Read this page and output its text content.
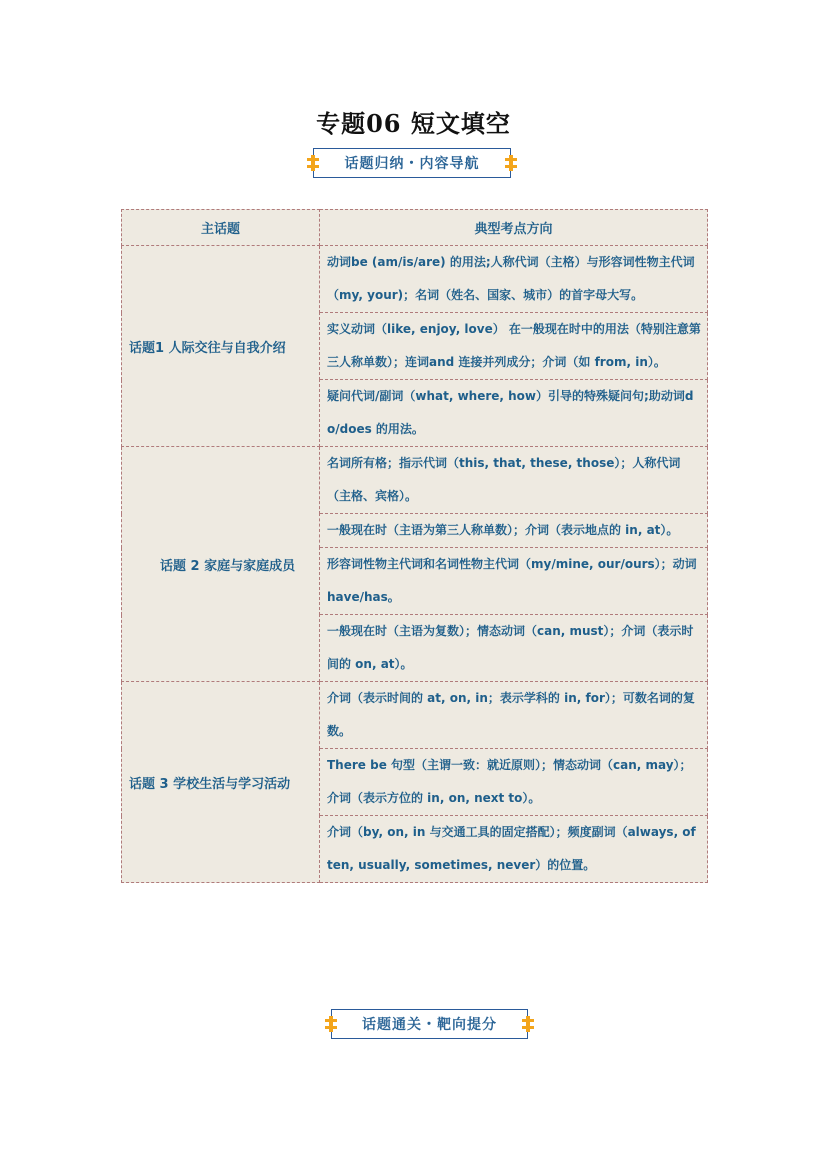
专题06 短文填空
话题归纳・内容导航
主话题	典型考点方向
话题1 人际交往与自我介绍	动词be (am/is/are) 的用法;人称代词（主格）与形容词性物主代词（my, your)；名词（姓名、国家、城市）的首字母大写。
	实义动词（like, enjoy, love） 在一般现在时中的用法（特别注意第三人称单数）；连词and 连接并列成分；介词（如 from, in）。
	疑问代词/副词（what, where, how）引导的特殊疑问句;助动词do/does 的用法。
话题 2 家庭与家庭成员	名词所有格；指示代词（this, that, these, those）；人称代词（主格、宾格）。
	一般现在时（主语为第三人称单数）；介词（表示地点的 in, at）。
	形容词性物主代词和名词性物主代词（my/mine, our/ours）；动词have/has。
	一般现在时（主语为复数）；情态动词（can, must）；介词（表示时间的 on, at）。
话题 3 学校生活与学习活动	介词（表示时间的 at, on, in；表示学科的 in, for）；可数名词的复数。
	There be 句型（主谓一致：就近原则）；情态动词（can, may）；介词（表示方位的 in, on, next to）。
	介词（by, on, in 与交通工具的固定搭配）；频度副词（always, often, usually, sometimes, never）的位置。
话题通关・靶向提分
